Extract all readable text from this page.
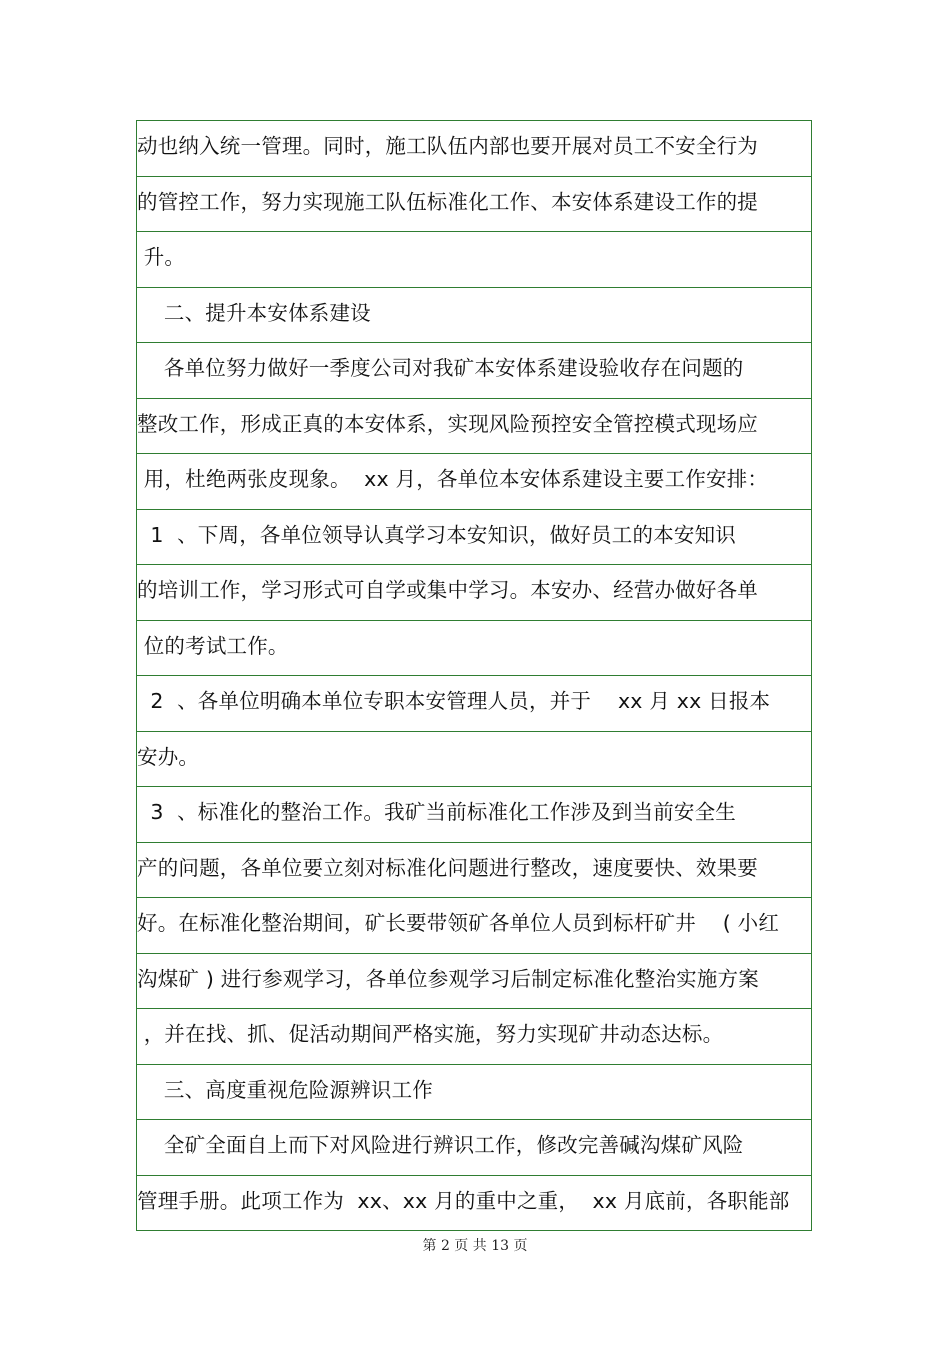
动也纳入统一管理。同时，施工队伍内部也要开展对员工不安全行为
的管控工作，努力实现施工队伍标准化工作、本安体系建设工作的提
升。
二、提升本安体系建设
各单位努力做好一季度公司对我矿本安体系建设验收存在问题的
整改工作，形成正真的本安体系，实现风险预控安全管控模式现场应
用，杜绝两张皮现象。  xx 月，各单位本安体系建设主要工作安排：
1  、下周，各单位领导认真学习本安知识，做好员工的本安知识
的培训工作，学习形式可自学或集中学习。本安办、经营办做好各单
位的考试工作。
2  、各单位明确本单位专职本安管理人员，并于    xx 月 xx 日报本
安办。
3  、标准化的整治工作。我矿当前标准化工作涉及到当前安全生
产的问题，各单位要立刻对标准化问题进行整改，速度要快、效果要
好。在标准化整治期间，矿长要带领矿各单位人员到标杆矿井    ( 小红
沟煤矿 ) 进行参观学习，各单位参观学习后制定标准化整治实施方案
，并在找、抓、促活动期间严格实施，努力实现矿井动态达标。
三、高度重视危险源辨识工作
全矿全面自上而下对风险进行辨识工作，修改完善碱沟煤矿风险
管理手册。此项工作为  xx、xx 月的重中之重，  xx 月底前，各职能部
第 2 页 共 13 页
